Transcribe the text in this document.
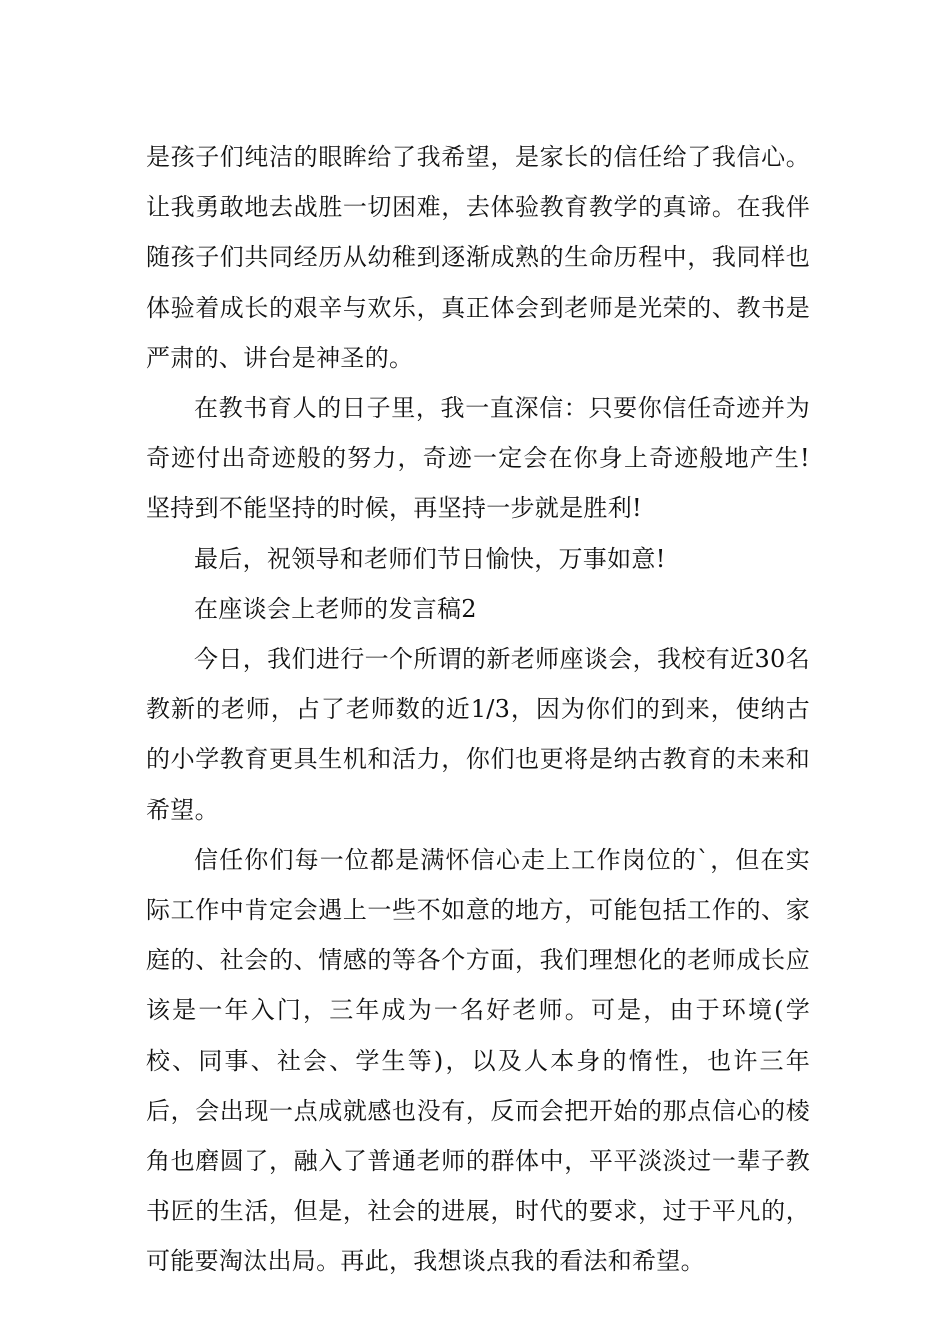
是孩子们纯洁的眼眸给了我希望，是家长的信任给了我信心。让我勇敢地去战胜一切困难，去体验教育教学的真谛。在我伴随孩子们共同经历从幼稚到逐渐成熟的生命历程中，我同样也体验着成长的艰辛与欢乐，真正体会到老师是光荣的、教书是严肃的、讲台是神圣的。

在教书育人的日子里，我一直深信：只要你信任奇迹并为奇迹付出奇迹般的努力，奇迹一定会在你身上奇迹般地产生!坚持到不能坚持的时候，再坚持一步就是胜利!

最后，祝领导和老师们节日愉快，万事如意!

在座谈会上老师的发言稿2

今日，我们进行一个所谓的新老师座谈会，我校有近30名教新的老师，占了老师数的近1/3，因为你们的到来，使纳古的小学教育更具生机和活力，你们也更将是纳古教育的未来和希望。

信任你们每一位都是满怀信心走上工作岗位的`，但在实际工作中肯定会遇上一些不如意的地方，可能包括工作的、家庭的、社会的、情感的等各个方面，我们理想化的老师成长应该是一年入门，三年成为一名好老师。可是，由于环境(学校、同事、社会、学生等)，以及人本身的惰性，也许三年后，会出现一点成就感也没有，反而会把开始的那点信心的棱角也磨圆了，融入了普通老师的群体中，平平淡淡过一辈子教书匠的生活，但是，社会的进展，时代的要求，过于平凡的，可能要淘汰出局。再此，我想谈点我的看法和希望。
